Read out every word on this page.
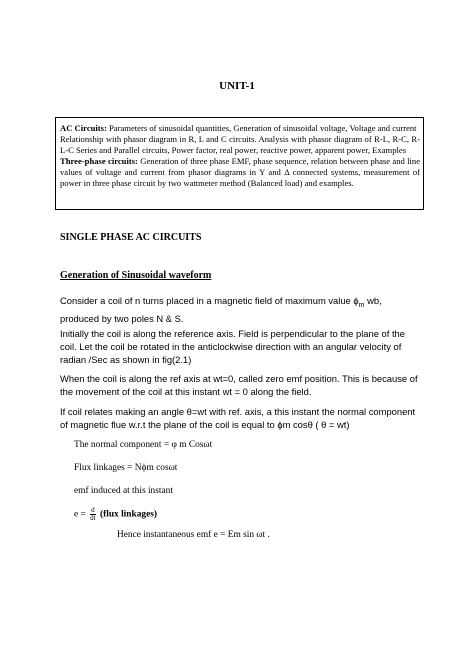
UNIT-1

AC Circuits: Parameters of sinusoidal quantities, Generation of sinusoidal voltage, Voltage and current

Relationship with phasor diagram in R, L and C circuits. Analysis with phasor diagram of R-L, R-C, R-L-C Series and Parallel circuits, Power factor, real power, reactive power, apparent power, Examples

Three-phase circuits: Generation of three phase EMF, phase sequence, relation between phase and line values of voltage and current from phasor diagrams in Y and Δ connected systems, measurement of power in three phase circuit by two wattmeter method (Balanced load) and examples.

SINGLE PHASE AC CIRCUITS
Generation of Sinusoidal waveform

Consider a coil of n turns placed in a magnetic field of maximum value $\phi_m$ wb, produced by two poles N & S.

Initially the coil is along the reference axis. Field is perpendicular to the plane of the coil. Let the coil be rotated in the anticlockwise direction with an angular velocity of radian /Sec as shown in fig(2.1)

When the coil is along the ref axis at wt=0, called zero emf position. This is because of the movement of the coil at this instant wt = 0 along the field.

If coil relates making an angle θ=wt with ref. axis, a this instant the normal component of magnetic flue w.r.t the plane of the coil is equal to ϕm cosθ ( θ = wt)

The normal component = φ m Cosωt
Flux linkages = Nϕm cosωt
emf induced at this instant
$e = \frac{d}{dt}$ (flux linkages)
Hence instantaneous emf e = Em sin ωt .
